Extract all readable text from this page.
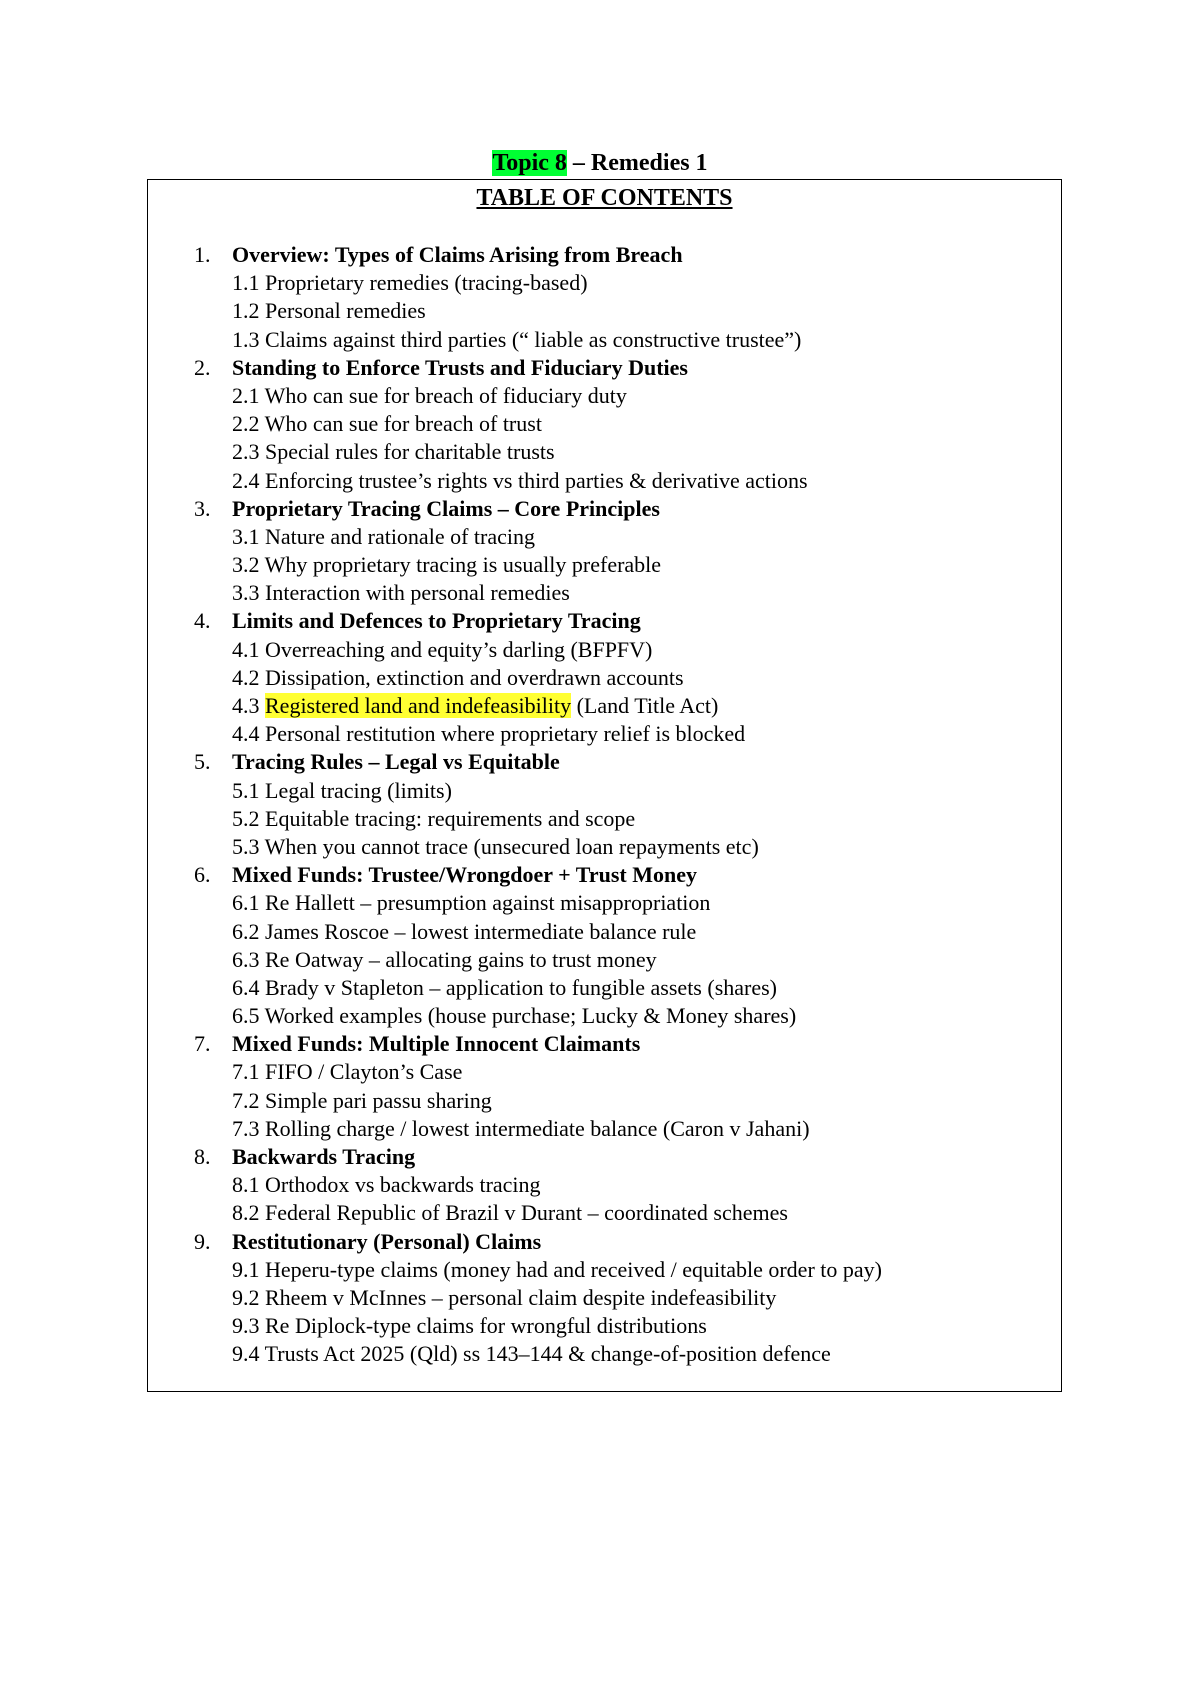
Topic 8 – Remedies 1
TABLE OF CONTENTS
1. Overview: Types of Claims Arising from Breach
1.1 Proprietary remedies (tracing-based)
1.2 Personal remedies
1.3 Claims against third parties (“ liable as constructive trustee”)
2. Standing to Enforce Trusts and Fiduciary Duties
2.1 Who can sue for breach of fiduciary duty
2.2 Who can sue for breach of trust
2.3 Special rules for charitable trusts
2.4 Enforcing trustee’s rights vs third parties & derivative actions
3. Proprietary Tracing Claims – Core Principles
3.1 Nature and rationale of tracing
3.2 Why proprietary tracing is usually preferable
3.3 Interaction with personal remedies
4. Limits and Defences to Proprietary Tracing
4.1 Overreaching and equity’s darling (BFPFV)
4.2 Dissipation, extinction and overdrawn accounts
4.3 Registered land and indefeasibility (Land Title Act)
4.4 Personal restitution where proprietary relief is blocked
5. Tracing Rules – Legal vs Equitable
5.1 Legal tracing (limits)
5.2 Equitable tracing: requirements and scope
5.3 When you cannot trace (unsecured loan repayments etc)
6. Mixed Funds: Trustee/Wrongdoer + Trust Money
6.1 Re Hallett – presumption against misappropriation
6.2 James Roscoe – lowest intermediate balance rule
6.3 Re Oatway – allocating gains to trust money
6.4 Brady v Stapleton – application to fungible assets (shares)
6.5 Worked examples (house purchase; Lucky & Money shares)
7. Mixed Funds: Multiple Innocent Claimants
7.1 FIFO / Clayton’s Case
7.2 Simple pari passu sharing
7.3 Rolling charge / lowest intermediate balance (Caron v Jahani)
8. Backwards Tracing
8.1 Orthodox vs backwards tracing
8.2 Federal Republic of Brazil v Durant – coordinated schemes
9. Restitutionary (Personal) Claims
9.1 Heperu-type claims (money had and received / equitable order to pay)
9.2 Rheem v McInnes – personal claim despite indefeasibility
9.3 Re Diplock-type claims for wrongful distributions
9.4 Trusts Act 2025 (Qld) ss 143–144 & change-of-position defence
